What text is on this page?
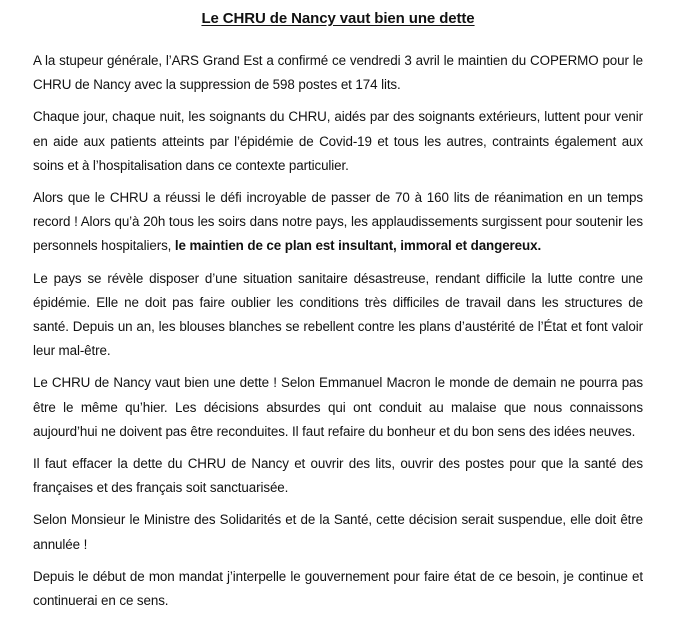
Le CHRU de Nancy vaut bien une dette

A la stupeur générale, l’ARS Grand Est a confirmé ce vendredi 3 avril le maintien du COPERMO pour le CHRU de Nancy avec la suppression de 598 postes et 174 lits.

Chaque jour, chaque nuit, les soignants du CHRU, aidés par des soignants extérieurs, luttent pour venir en aide aux patients atteints par l’épidémie de Covid-19 et tous les autres, contraints également aux soins et à l’hospitalisation dans ce contexte particulier.

Alors que le CHRU a réussi le défi incroyable de passer de 70 à 160 lits de réanimation en un temps record ! Alors qu’à 20h tous les soirs dans notre pays, les applaudissements surgissent pour soutenir les personnels hospitaliers, le maintien de ce plan est insultant, immoral et dangereux.

Le pays se révèle disposer d’une situation sanitaire désastreuse, rendant difficile la lutte contre une épidémie. Elle ne doit pas faire oublier les conditions très difficiles de travail dans les structures de santé. Depuis un an, les blouses blanches se rebellent contre les plans d’austérité de l’État et font valoir leur mal-être.

Le CHRU de Nancy vaut bien une dette ! Selon Emmanuel Macron le monde de demain ne pourra pas être le même qu’hier. Les décisions absurdes qui ont conduit au malaise que nous connaissons aujourd’hui ne doivent pas être reconduites. Il faut refaire du bonheur et du bon sens des idées neuves.

Il faut effacer la dette du CHRU de Nancy et ouvrir des lits, ouvrir des postes pour que la santé des françaises et des français soit sanctuarisée.

Selon Monsieur le Ministre des Solidarités et de la Santé, cette décision serait suspendue, elle doit être annulée !

Depuis le début de mon mandat j’interpelle le gouvernement pour faire état de ce besoin, je continue et continuerai en ce sens.
